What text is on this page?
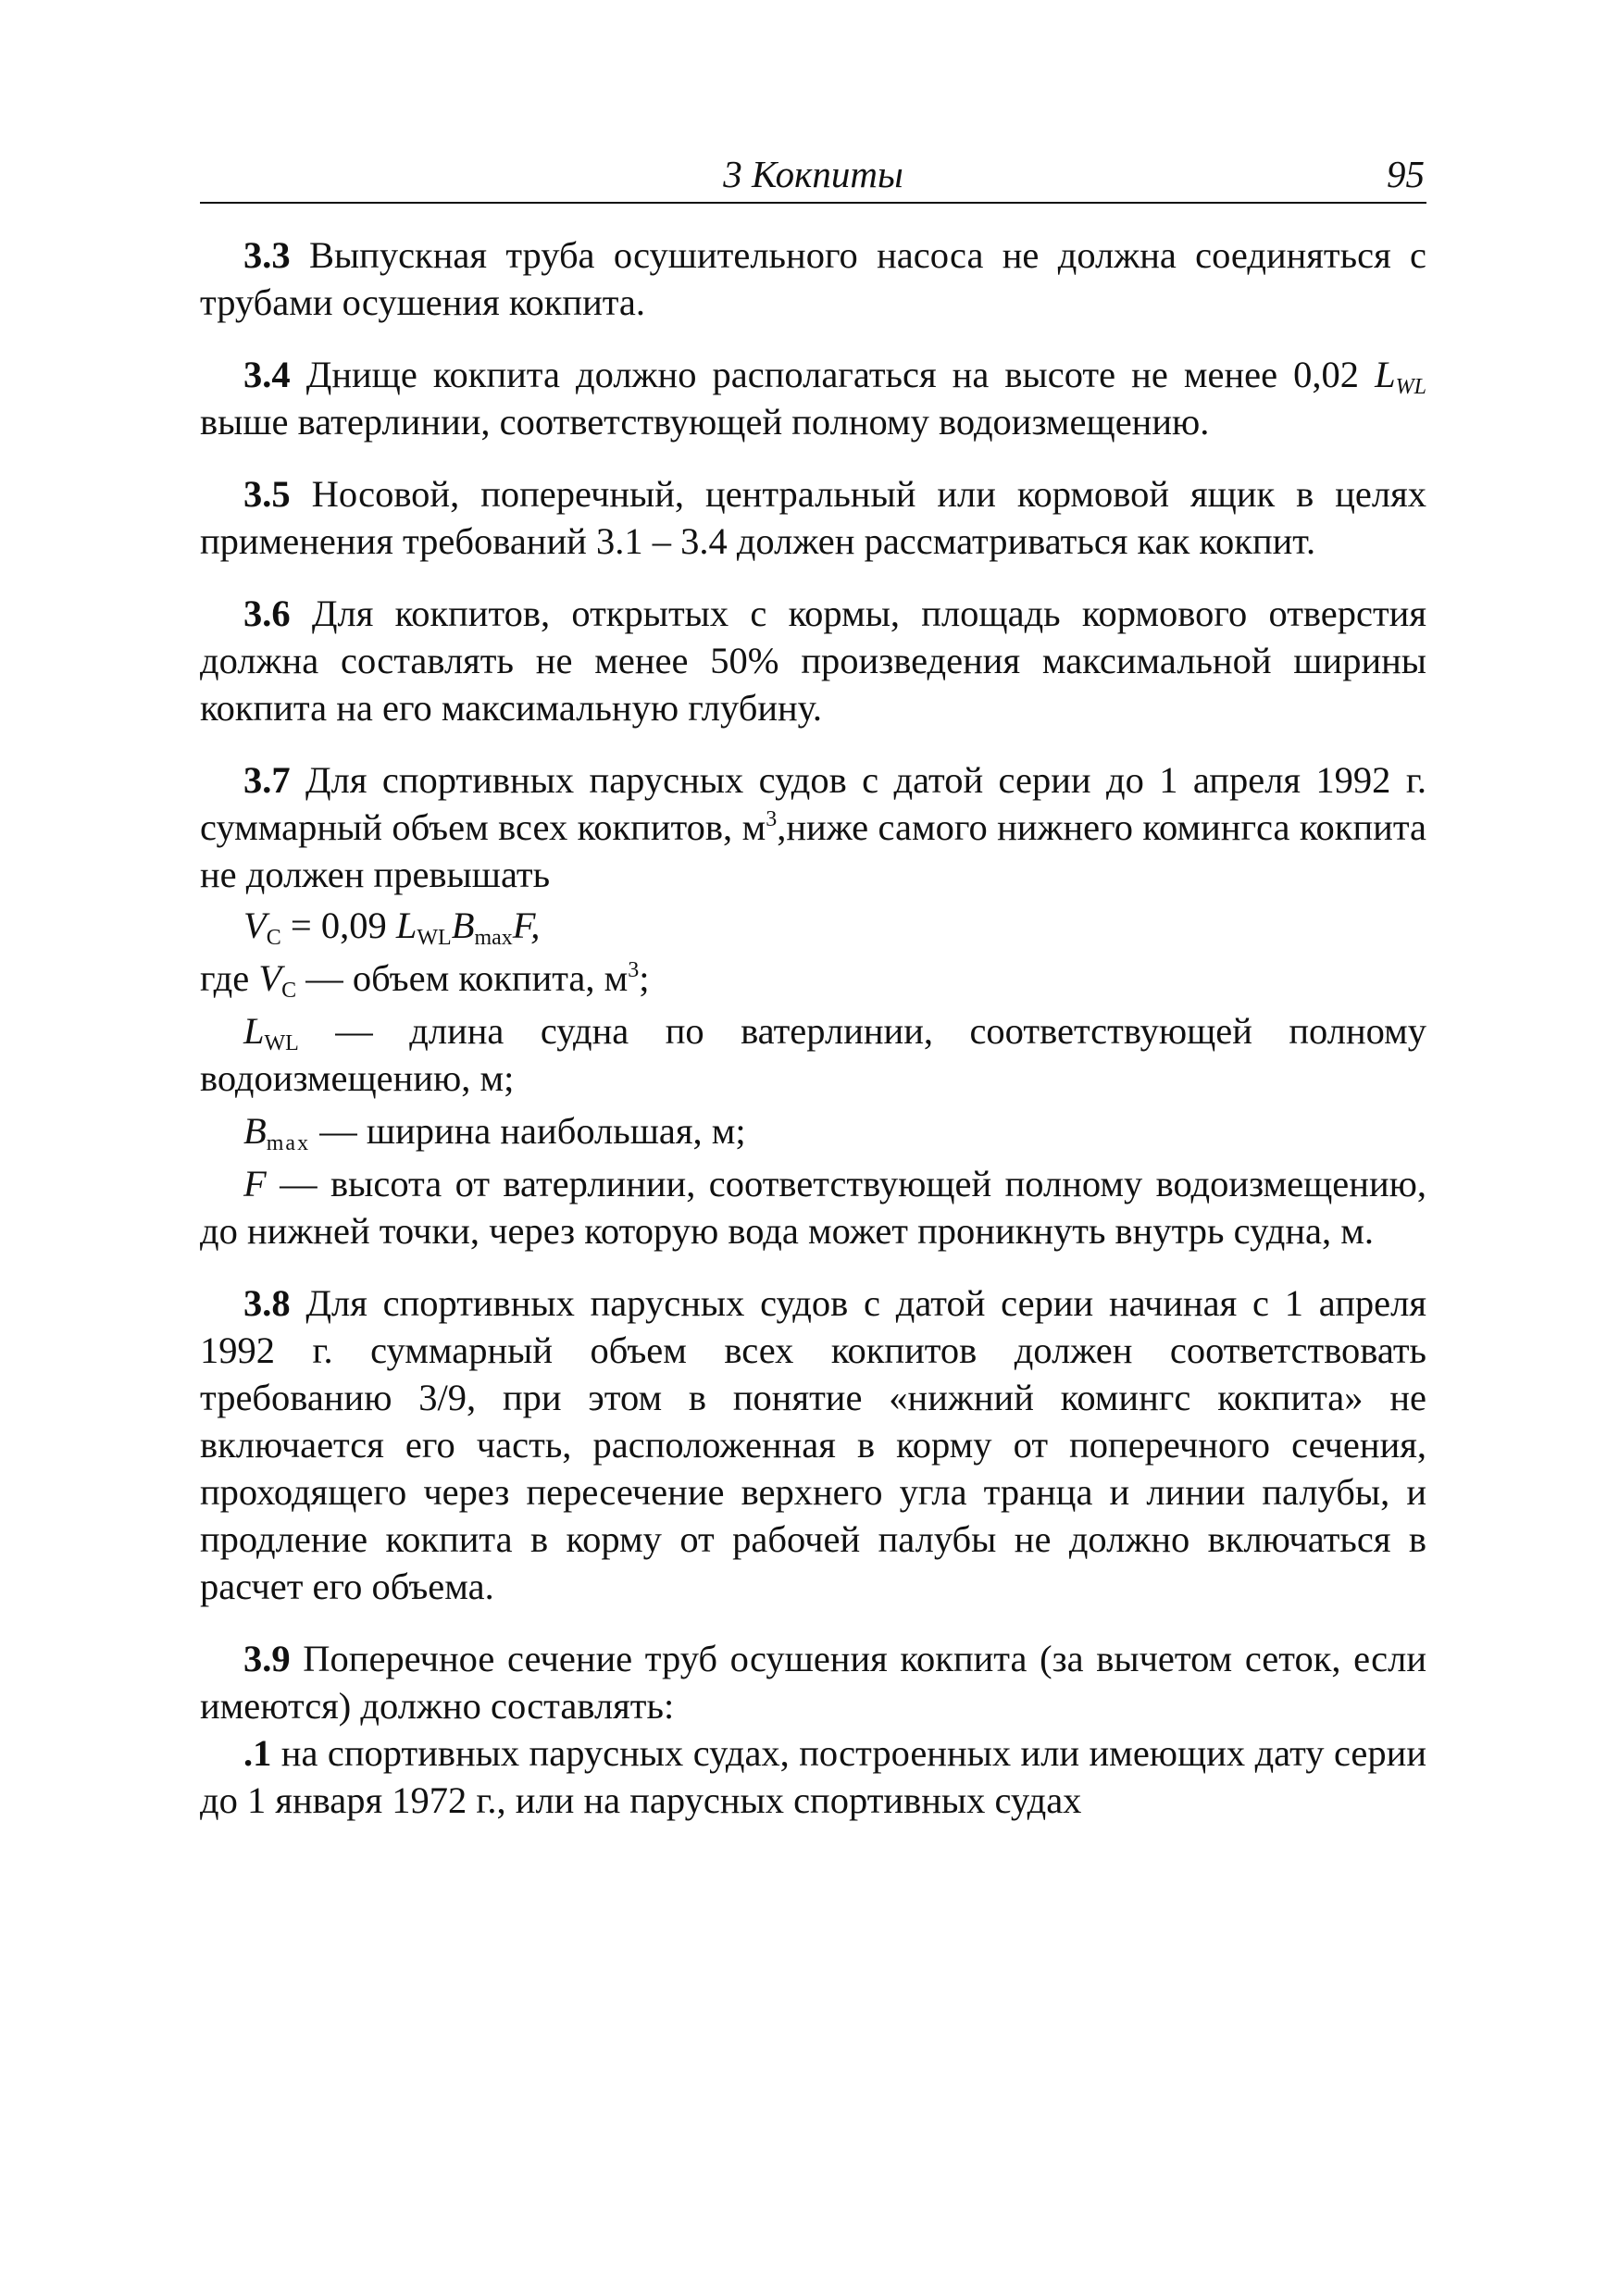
3 Кокпиты	95

3.3 Выпускная труба осушительного насоса не должна соединяться с трубами осушения кокпита.

3.4 Днище кокпита должно располагаться на высоте не менее 0,02 $L_{WL}$ выше ватерлинии, соответствующей полному водоизмещению.

3.5 Носовой, поперечный, центральный или кормовой ящик в целях применения требований 3.1 – 3.4 должен рассматриваться как кокпит.

3.6 Для кокпитов, открытых с кормы, площадь кормового отверстия должна составлять не менее 50% произведения максимальной ширины кокпита на его максимальную глубину.

3.7 Для спортивных парусных судов с датой серии до 1 апреля 1992 г. суммарный объем всех кокпитов, $м^3,ниже$ самого нижнего комингса кокпита не должен превышать

$V_C = 0,09$ $L_{WL}B_{max}F$,

где $V_C$ — объем кокпита, $м^3$;

$L_{WL}$ — длина судна по ватерлинии, соответствующей полному водоизмещению, м;

$B_{max}$ — ширина наибольшая, м;

F — высота от ватерлинии, соответствующей полному водоизмещению, до нижней точки, через которую вода может проникнуть внутрь судна, м.

3.8 Для спортивных парусных судов с датой серии начиная с 1 апреля 1992 г. суммарный объем всех кокпитов должен соответствовать требованию 3/9, при этом в понятие «нижний комингс кокпита» не включается его часть, расположенная в корму от поперечного сечения, проходящего через пересечение верхнего угла транца и линии палубы, и продление кокпита в корму от рабочей палубы не должно включаться в расчет его объема.

3.9 Поперечное сечение труб осушения кокпита (за вычетом сеток, если имеются) должно составлять:

.1 на спортивных парусных судах, построенных или имеющих дату серии до 1 января 1972 г., или на парусных спортивных судах
